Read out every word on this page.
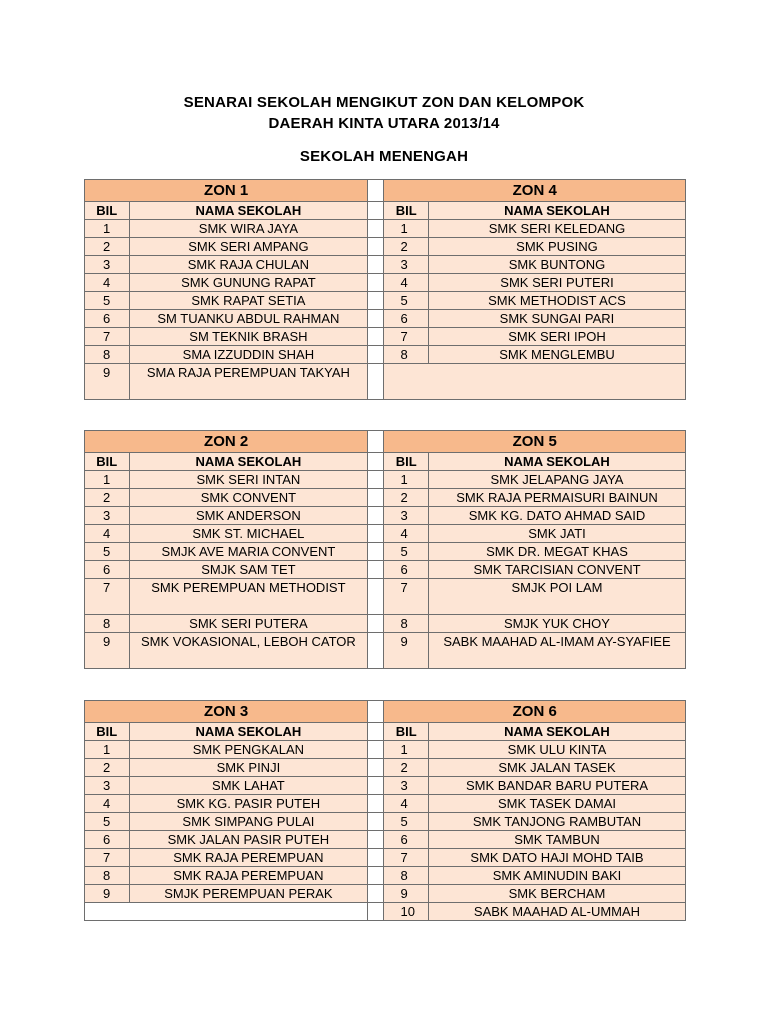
SENARAI SEKOLAH MENGIKUT ZON DAN KELOMPOK
DAERAH KINTA UTARA 2013/14
SEKOLAH MENENGAH
ZON 1			ZON 4	
BIL	NAMA SEKOLAH		BIL	NAMA SEKOLAH
1	SMK WIRA JAYA		1	SMK SERI KELEDANG
2	SMK SERI AMPANG		2	SMK PUSING
3	SMK RAJA CHULAN		3	SMK BUNTONG
4	SMK GUNUNG RAPAT		4	SMK SERI PUTERI
5	SMK RAPAT SETIA		5	SMK METHODIST ACS
6	SM TUANKU ABDUL RAHMAN		6	SMK SUNGAI PARI
7	SM TEKNIK BRASH		7	SMK SERI IPOH
8	SMA IZZUDDIN SHAH		8	SMK MENGLEMBU
9	SMA RAJA PEREMPUAN TAKYAH			
ZON 2			ZON 5	
BIL	NAMA SEKOLAH		BIL	NAMA SEKOLAH
1	SMK SERI INTAN		1	SMK JELAPANG JAYA
2	SMK CONVENT		2	SMK RAJA PERMAISURI BAINUN
3	SMK ANDERSON		3	SMK KG. DATO AHMAD SAID
4	SMK ST. MICHAEL		4	SMK JATI
5	SMJK AVE MARIA CONVENT		5	SMK DR. MEGAT KHAS
6	SMJK SAM TET		6	SMK TARCISIAN CONVENT
7	SMK PEREMPUAN METHODIST		7	SMJK POI LAM
8	SMK SERI PUTERA		8	SMJK YUK CHOY
9	SMK VOKASIONAL, LEBOH CATOR		9	SABK MAAHAD AL-IMAM AY-SYAFIEE
ZON 3			ZON 6	
BIL	NAMA SEKOLAH		BIL	NAMA SEKOLAH
1	SMK PENGKALAN		1	SMK ULU KINTA
2	SMK PINJI		2	SMK JALAN TASEK
3	SMK LAHAT		3	SMK BANDAR BARU PUTERA
4	SMK KG. PASIR PUTEH		4	SMK TASEK DAMAI
5	SMK SIMPANG PULAI		5	SMK TANJONG RAMBUTAN
6	SMK JALAN PASIR PUTEH		6	SMK TAMBUN
7	SMK RAJA PEREMPUAN		7	SMK DATO HAJI MOHD TAIB
8	SMK RAJA PEREMPUAN		8	SMK AMINUDIN BAKI
9	SMJK PEREMPUAN PERAK		9	SMK BERCHAM
			10	SABK MAAHAD AL-UMMAH
